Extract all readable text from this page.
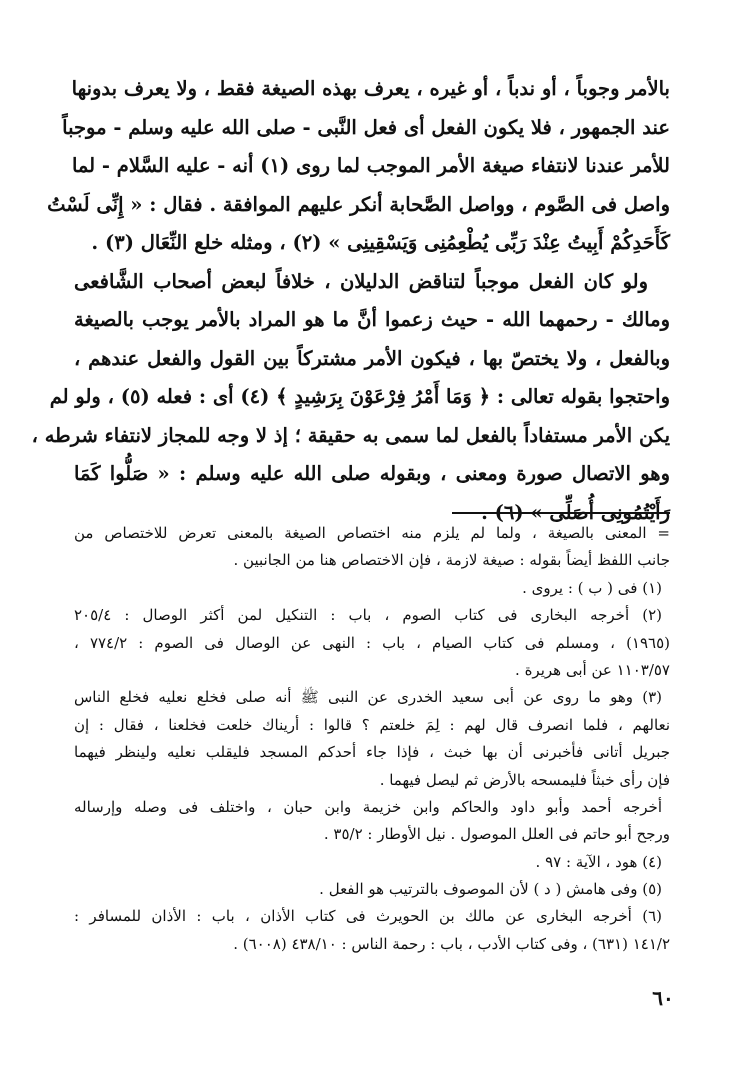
بالأمر وجوباً ، أو ندباً ، أو غيره ، يعرف بهذه الصيغة فقط ، ولا يعرف بدونها
عند الجمهور ، فلا يكون الفعل أى فعل النَّبى - صلى الله عليه وسلم - موجباً
للأمر عندنا لانتفاء صيغة الأمر الموجب لما روى (١) أنه - عليه السَّلام - لما
واصل فى الصَّوم ، وواصل الصَّحابة أنكر عليهم الموافقة . فقال : « إِنِّى لَسْتُ
كَأَحَدِكُمْ أَبِيتُ عِنْدَ رَبِّى يُطْعِمُنِى وَيَسْقِينِى » (٢) ، ومثله خلع النِّعَال (٣) .
ولو كان الفعل موجباً لتناقض الدليلان ، خلافاً لبعض أصحاب الشَّافعى
ومالك - رحمهما الله - حيث زعموا أنَّ ما هو المراد بالأمر يوجب بالصيغة
وبالفعل ، ولا يختصّ بها ، فيكون الأمر مشتركاً بين القول والفعل عندهم ،
واحتجوا بقوله تعالى : ﴿ وَمَا أَمْرُ فِرْعَوْنَ بِرَشِيدٍ ﴾ (٤) أى : فعله (٥) ، ولو لم
يكن الأمر مستفاداً بالفعل لما سمى به حقيقة ؛ إذ لا وجه للمجاز لانتفاء شرطه ،
وهو الاتصال صورة ومعنى ، وبقوله صلى الله عليه وسلم : « صَلُّوا كَمَا
رَأَيْتُمُونِى أُصَلِّى » (٦) .
= المعنى بالصيغة ، ولما لم يلزم منه اختصاص الصيغة بالمعنى تعرض للاختصاص من
جانب اللفظ أيضاً بقوله : صيغة لازمة ، فإن الاختصاص هنا من الجانبين .
(١) فى ( ب ) : يروى .
(٢) أخرجه البخارى فى كتاب الصوم ، باب : التنكيل لمن أكثر الوصال : ٢٠٥/٤
(١٩٦٥) ، ومسلم فى كتاب الصيام ، باب : النهى عن الوصال فى الصوم : ٧٧٤/٢ ،
١١٠٣/٥٧ عن أبى هريرة .
(٣) وهو ما روى عن أبى سعيد الخدرى عن النبى ﷺ أنه صلى فخلع نعليه فخلع الناس
نعالهم ، فلما انصرف قال لهم : لِمَ خلعتم ؟ قالوا : أريناك خلعت فخلعنا ، فقال : إن
جبريل أتانى فأخبرنى أن بها خبث ، فإذا جاء أحدكم المسجد فليقلب نعليه ولينظر فيهما
فإن رأى خبثاً فليمسحه بالأرض ثم ليصل فيهما .
أخرجه أحمد وأبو داود والحاكم وابن خزيمة وابن حبان ، واختلف فى وصله وإرساله
ورجح أبو حاتم فى العلل الموصول . نيل الأوطار : ٣٥/٢ .
(٤) هود ، الآية : ٩٧ .
(٥) وفى هامش ( د ) لأن الموصوف بالترتيب هو الفعل .
(٦) أخرجه البخارى عن مالك بن الحويرث فى كتاب الأذان ، باب : الأذان للمسافر :
١٤١/٢ (٦٣١) ، وفى كتاب الأدب ، باب : رحمة الناس : ٤٣٨/١٠ (٦٠٠٨) .
٦٠
